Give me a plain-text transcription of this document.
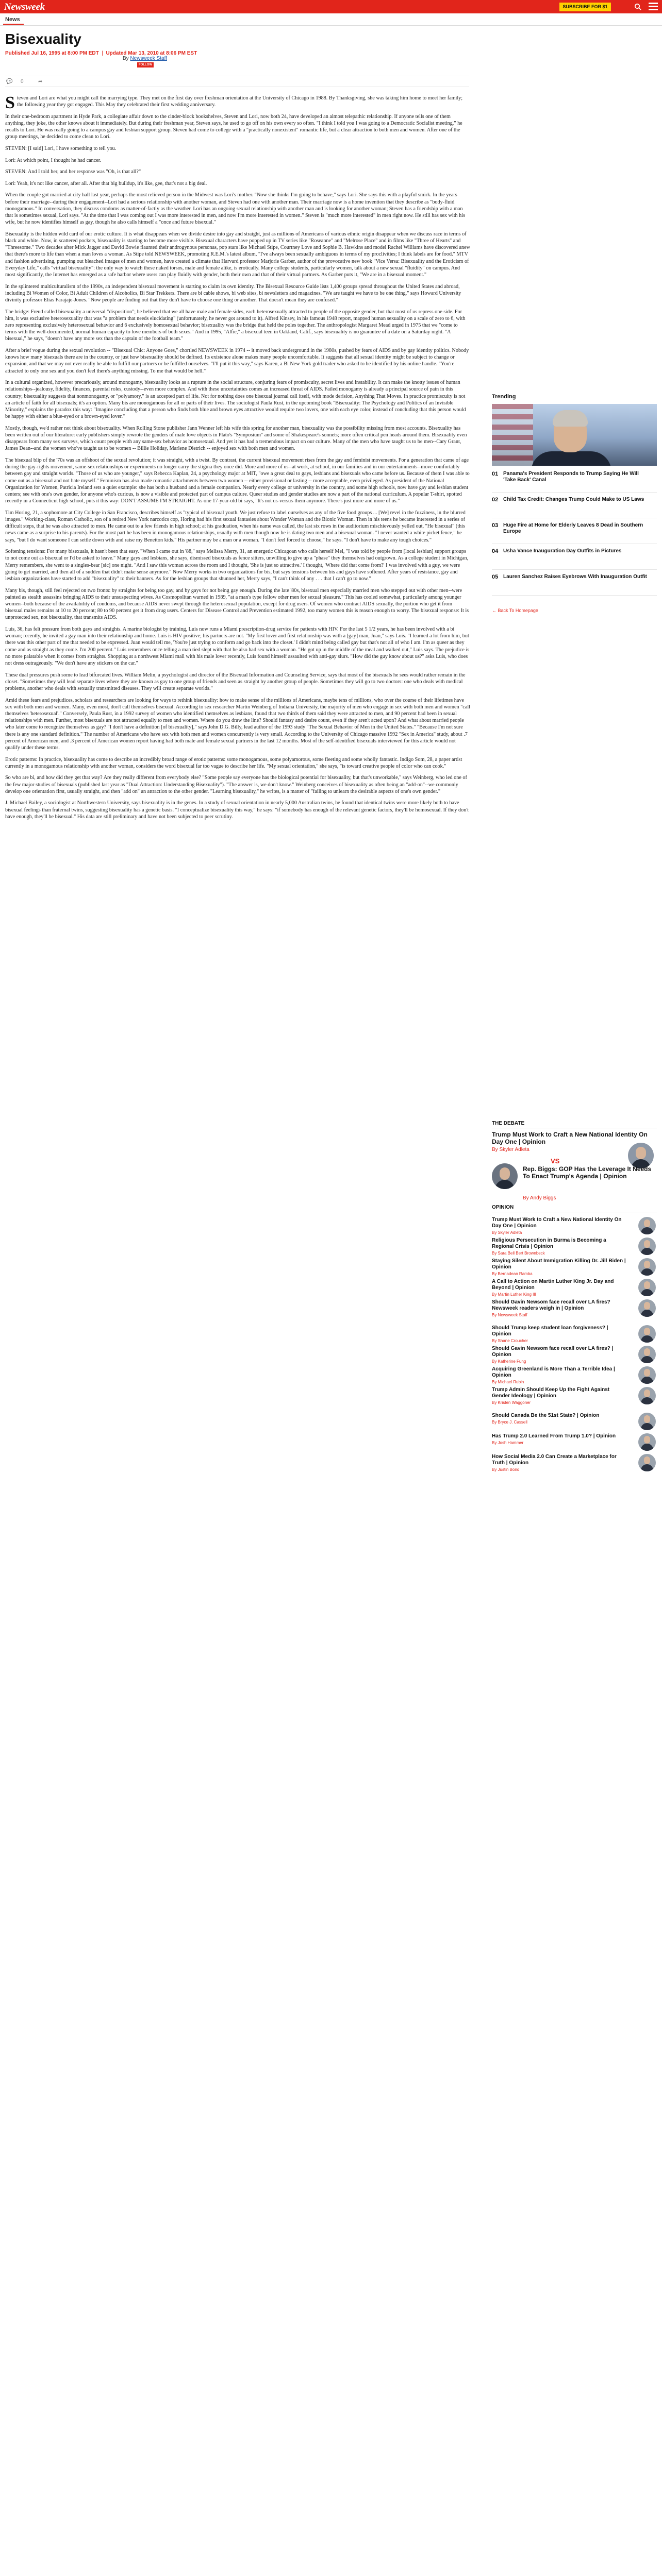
Newsweek	SUBSCRIBE FOR $1
News
Bisexuality
Published Jul 16, 1995 at 8:00 PM EDT  |  Updated Mar 13, 2010 at 8:06 PM EST
By Newsweek Staff
FOLLOW
💬 0	➦

Steven and Lori are what you might call the marrying type. They met on the first day over freshman orientation at the University of Chicago in 1988. By Thanksgiving, she was taking him home to meet her family; the following year they got engaged. This May they celebrated their first wedding anniversary.

In their one-bedroom apartment in Hyde Park, a collegiate affair down to the cinder-block bookshelves, Steven and Lori, now both 24, have developed an almost telepathic relationship. If anyone tells one of them anything, they joke, the other knows about it immediately. But during their freshman year, Steven says, he used to go off on his own every so often. "I think I told you I was going to a Democratic Socialist meeting," he recalls to Lori. He was really going to a campus gay and lesbian support group. Steven had come to college with a "practically nonexistent" romantic life, but a clear attraction to both men and women. After one of the group meetings, he decided to come clean to Lori.

STEVEN: [I said] Lori, I have something to tell you.

Lori: At which point, I thought he had cancer.

STEVEN: And I told her, and her response was "Oh, is that all?"

Lori: Yeah, it's not like cancer, after all. After that big buildup, it's like, gee, that's not a big deal.

When the couple got married at city hall last year, perhaps the most relieved person in the Midwest was Lori's mother. "Now she thinks I'm going to behave," says Lori. She says this with a playful smirk. In the years before their marriage--during their engagement--Lori had a serious relationship with another woman, and Steven had one with another man. Their marriage now is a home invention that they describe as "body-fluid monogamous." In conversation, they discuss condoms as matter-of-factly as the weather. Lori has an ongoing sexual relationship with another man and is looking for another woman; Steven has a friendship with a man that is sometimes sexual, Lori says. "At the time that I was coming out I was more interested in men, and now I'm more interested in women." Steven is "much more interested" in men right now. He still has sex with his wife, but he now identifies himself as gay, though he also calls himself a "once and future bisexual."

Bisexuality is the hidden wild card of our erotic culture. It is what disappears when we divide desire into gay and straight, just as millions of Americans of various ethnic origin disappear when we discuss race in terms of black and white. Now, in scattered pockets, bisexuality is starting to become more visible. Bisexual characters have popped up in TV series like "Roseanne" and "Melrose Place" and in films like "Three of Hearts" and "Threesome." Two decades after Mick Jagger and David Bowie flaunted their androgynous personas, pop stars like Michael Stipe, Courtney Love and Sophie B. Hawkins and model Rachel Williams have discovered anew that there's more to life than when a man loves a woman. As Stipe told NEWSWEEK, promoting R.E.M.'s latest album, "I've always been sexually ambiguous in terms of my proclivities; I think labels are for food." MTV and fashion advertising, pumping out bleached images of men and women, have created a climate that Harvard professor Marjorie Garber, author of the provocative new book "Vice Versa: Bisexuality and the Eroticism of Everyday Life," calls "virtual bisexuality": the only way to watch these naked torsos, male and female alike, is erotically. Many college students, particularly women, talk about a new sexual "fluidity" on campus. And most significantly, the Internet has emerged as a safe harbor where users can play fluidly with gender, both their own and that of their virtual partners. As Garber puts it, "We are in a bisexual moment."

In the splintered multiculturalism of the 1990s, an independent bisexual movement is starting to claim its own identity. The Bisexual Resource Guide lists 1,400 groups spread throughout the United States and abroad, including Bi Women of Color, Bi Adult Children of Alcoholics, Bi Star Trekkers. There are bi cable shows, bi web sites, bi newsletters and magazines. "We are taught we have to be one thing," says Howard University divinity professor Elias Farajaje-Jones. "Now people are finding out that they don't have to choose one thing or another. That doesn't mean they are confused."

The bridge: Freud called bisexuality a universal "disposition"; he believed that we all have male and female sides, each heterosexually attracted to people of the opposite gender, but that most of us repress one side. For him, it was exclusive heterosexuality that was "a problem that needs elucidating" (unfortunately, he never got around to it). Alfred Kinsey, in his famous 1948 report, mapped human sexuality on a scale of zero to 6, with zero representing exclusively heterosexual behavior and 6 exclusively homosexual behavior; bisexuality was the bridge that held the poles together. The anthropologist Margaret Mead urged in 1975 that we "come to terms with the well-documented, normal human capacity to love members of both sexes." And in 1995, "Alfie," a bisexual teen in Oakland, Calif., says bisexuality is no guarantee of a date on a Saturday night. "A bisexual," he says, "doesn't have any more sex than the captain of the football team."

After a brief vogue during the sexual revolution -- "Bisexual Chic: Anyone Goes," chortled NEWSWEEK in 1974 -- it moved back underground in the 1980s, pushed by fears of AIDS and by gay identity politics. Nobody knows how many bisexuals there are in the country, or just how bisexuality should be defined. Its existence alone makes many people uncomfortable. It suggests that all sexual identity might be subject to change or expansion, and that we may not ever really be able to fulfill our partners or be fulfilled ourselves. "I'll put it this way," says Karen, a Bi New York gold trader who asked to be identified by his online handle. "You're attracted to only one sex and you don't feel there's anything missing. To me that would be hell."

In a cultural organized, however precariously, around monogamy, bisexuality looks as a rupture in the social structure, conjuring fears of promiscuity, secret lives and instability. It can make the knotty issues of human relationships--jealousy, fidelity, finances, parental roles, custody--even more complex. And with these uncertainties comes an increased threat of AIDS. Failed monogamy is already a principal source of pain in this country; bisexuality suggests that nonmonogamy, or "polyamory," is an accepted part of life. Not for nothing does one bisexual journal call itself, with mode derision, Anything That Moves. In practice promiscuity is not an article of faith for all bisexuals; it's an option. Many bis are monogamous for all or parts of their lives. The sociologist Paula Rust, in the upcoming book "Bisexuality: The Psychology and Politics of an Invisible Minority," explains the paradox this way: "Imagine concluding that a person who finds both blue and brown eyes attractive would require two lovers, one with each eye color, instead of concluding that this person would be happy with either a blue-eyed or a brown-eyed lover."

Mostly, though, we'd rather not think about bisexuality. When Rolling Stone publisher Jann Wenner left his wife this spring for another man, bisexuality was the possibility missing from most accounts. Bisexuality has been written out of our literature: early publishers simply rewrote the genders of male love objects in Plato's "Symposium" and some of Shakespeare's sonnets; more often critical pen heads around them. Bisexuality even disappears from many sex surveys, which count people with any same-sex behavior as homosexual. And yet it has had a tremendous impact on our culture. Many of the men who have taught us to be men--Cary Grant, James Dean--and the women who've taught us to be women -- Billie Holiday, Marlene Dietrich -- enjoyed sex with both men and women.

The bisexual blip of the '70s was an offshoot of the sexual revolution; it was straight, with a twist. By contrast, the current bisexual movement rises from the gay and feminist movements. For a generation that came of age during the gay-rights movement, same-sex relationships or experiments no longer carry the stigma they once did. More and more of us--at work, at school, in our families and in our entertainments--move comfortably between gay and straight worlds. "Those of us who are younger," says Rebecca Kaplan, 24, a psychology major at MIT, "owe a great deal to gays, lesbians and bisexuals who came before us. Because of them I was able to come out as a bisexual and not hate myself." Feminism has also made romantic attachments between two women -- either provisional or lasting -- more acceptable, even privileged. As president of the National Organization for Women, Patricia Ireland sets a quiet example: she has both a husband and a female companion. Nearly every college or university in the country, and some high schools, now have gay and lesbian student centers; see with one's own gender, for anyone who's curious, is now a visible and protected part of campus culture. Queer studies and gender studies are now a part of the national curriculum. A popular T-shirt, spotted recently in a Connecticut high school, puts it this way: DON'T ASSUME I'M STRAIGHT. As one 17-year-old bi says, "It's not us-versus-them anymore. There's just more and more of us."

Tim Horing, 21, a sophomore at City College in San Francisco, describes himself as "typical of bisexual youth. We just refuse to label ourselves as any of the five food groups ... [We] revel in the fuzziness, in the blurred images." Working-class, Roman Catholic, son of a retired New York narcotics cop, Horing had his first sexual fantasies about Wonder Woman and the Bionic Woman. Then in his teens he became interested in a series of difficult steps, that he was also attracted to men. He came out to a few friends in high school; at his graduation, when his name was called, the last six rows in the auditorium mischievously yelled out, "He bisexual" (this news came as a surprise to his parents). For the most part he has been in monogamous relationships, usually with men though now he is dating two men and a bisexual woman. "I never wanted a white picket fence," he says, "but I do want someone I can settle down with and raise my Benetton kids." His partner may be a man or a woman. "I don't feel forced to choose," he says. "I don't have to make any tough choices."

Softening tensions: For many bisexuals, it hasn't been that easy. "When I came out in '88," says Melissa Merry, 31, an energetic Chicagoan who calls herself Mel, "I was told by people from [local lesbian] support groups to not come out as bisexual or I'd be asked to leave." Many gays and lesbians, she says, dismissed bisexuals as fence sitters, unwilling to give up a "phase" they themselves had outgrown. As a college student in Michigan, Merry remembers, she went to a singles-bear [sic] one night. "And I saw this woman across the room and I thought, 'She is just so attractive.' I thought, 'Where did that come from?' I was involved with a guy, we were going to get married, and then all of a sudden that didn't make sense anymore." Now Merry works in two organizations for bis, but says tensions between bis and gays have softened. After years of resistance, gay and lesbian organizations have started to add "bisexuality" to their banners. As for the lesbian groups that shunned her, Merry says, "I can't think of any . . . that I can't go to now."

Many bis, though, still feel rejected on two fronts: by straights for being too gay, and by gays for not being gay enough. During the late '80s, bisexual men especially married men who stepped out with other men--were painted as stealth assassins bringing AIDS to their unsuspecting wives. As Cosmopolitan warned in 1989, "at a man's type follow other men for sexual pleasure." This has cooled somewhat, particularly among younger women--both because of the availability of condoms, and because AIDS never swept through the heterosexual population, except for drug users. Of women who contract AIDS sexually, the portion who get it from bisexual males remains at 10 to 20 percent; 80 to 90 percent get it from drug users. Centers for Disease Control and Prevention estimated 1992, too many women this is reason enough to worry. The bisexual response: It is unprotected sex, not bisexuality, that transmits AIDS.

Luis, 36, has felt pressure from both gays and straights. A marine biologist by training, Luis now runs a Miami prescription-drug service for patients with HIV. For the last 5 1/2 years, he has been involved with a bi woman; recently, he invited a gay man into their relationship and home. Luis is HIV-positive; his partners are not. "My first lover and first relationship was with a [gay] man, Juan," says Luis. "I learned a lot from him, but there was this other part of me that needed to be expressed. Juan would tell me, 'You're just trying to conform and go back into the closet.' I didn't mind being called gay but that's not all of who I am. I'm as queer as they come and as straight as they come. I'm 200 percent." Luis remembers once telling a man tied slept with that he also had sex with a woman. "He got up in the middle of the meal and walked out," Luis says. The prejudice is no more palatable when it comes from straights. Shopping at a northwest Miami mall with his male lover recently, Luis found himself assaulted with anti-gay slurs. "How did the guy know about us?" asks Luis, who does not dress outrageously. "We don't have any stickers on the car."

These dual pressures push some to lead bifurcated lives. William Melin, a psychologist and director of the Bisexual Information and Counseling Service, says that most of the bisexuals he sees would rather remain in the closet. "Sometimes they will lead separate lives where they are known as gay to one group of friends and seen as straight by another group of people. Sometimes they will go to two doctors: one who deals with medical problems, another who deals with sexually transmitted diseases. They will create separate worlds."

Amid these fears and prejudices, scholars and researchers are looking for ways to rethink bisexuality: how to make sense of the millions of Americans, maybe tens of millions, who over the course of their lifetimes have sex with both men and women. Many, even most, don't call themselves bisexual. According to sex researcher Martin Weinberg of Indiana University, the majority of men who engage in sex with both men and women "call themselves 'heterosexual'." Conversely, Paula Rust, in a 1992 survey of women who identified themselves as lesbians, found that two thirds of them said they were attracted to men, and 90 percent had been in sexual relationships with men. Further, most bisexuals are not attracted equally to men and women. Where do you draw the line? Should fantasy and desire count, even if they aren't acted upon? And what about married people who later come to recognize themselves as gay? "I don't have a definition [of bisexuality]," says John D.G. Billy, lead author of the 1993 study "The Sexual Behavior of Men in the United States." "Because I'm not sure there is any one standard definition." The number of Americans who have sex with both men and women concurrently is very small. According to the University of Chicago massive 1992 "Sex in America" study, about .7 percent of American men, and .3 percent of American women report having had both male and female sexual partners in the last 12 months. Most of the self-identified bisexuals interviewed for this article would not qualify under these terms.

Erotic patterns: In practice, bisexuality has come to describe an incredibly broad range of erotic patterns: some monogamous, some polyamorous, some fleeting and some wholly fantastic. Indigo Som, 28, a paper artist currently in a monogamous relationship with another woman, considers the word bisexual far too vague to describe her life. "My sexual orientation," she says, "is toward creative people of color who can cook."

So who are bi, and how did they get that way? Are they really different from everybody else? "Some people say everyone has the biological potential for bisexuality, but that's unworkable," says Weinberg, who led one of the few major studies of bisexuals (published last year as "Dual Attraction: Understanding Bisexuality"). "The answer is, we don't know." Weinberg conceives of bisexuality as often being an "add-on"--we commonly develop one orientation first, usually straight, and then "add on" an attraction to the other gender. "Learning bisexuality," he writes, is a matter of "failing to unlearn the desirable aspects of one's own gender."

J. Michael Bailey, a sociologist at Northwestern University, says bisexuality is in the genes. In a study of sexual orientation in nearly 5,000 Australian twins, he found that identical twins were more likely both to have bisexual feelings than fraternal twins, suggesting bisexuality has a genetic basis. "I conceptualize bisexuality this way," he says: "if somebody has enough of the relevant genetic factors, they'll be homosexual. If they don't have enough, they'll be bisexual." His data are still preliminary and have not been subjected to peer scrutiny.

Trending
01 Panama's President Responds to Trump Saying He Will 'Take Back' Canal
02 Child Tax Credit: Changes Trump Could Make to US Laws
03 Huge Fire at Home for Elderly Leaves 8 Dead in Southern Europe
04 Usha Vance Inauguration Day Outfits in Pictures
05 Lauren Sanchez Raises Eyebrows With Inauguration Outfit
← Back To Homepage
THE DEBATE
Trump Must Work to Craft a New National Identity On Day One | Opinion
By Skyler Adleta
VS
Rep. Biggs: GOP Has the Leverage It Needs To Enact Trump's Agenda | Opinion
By Andy Biggs
OPINION
Trump Must Work to Craft a New National Identity On Day One | Opinion
By Skyler Adleta
Religious Persecution in Burma is Becoming a Regional Crisis | Opinion
By Sara Bell Bert Brownbeck
Staying Silent About Immigration Killing Dr. Jill Biden | Opinion
By Bernadean Ramba
A Call to Action on Martin Luther King Jr. Day and Beyond | Opinion
By Martin Luther King III
Should Gavin Newsom face recall over LA fires? Newsweek readers weigh in | Opinion
By Newsweek Staff
Should Trump keep student loan forgiveness? | Opinion
By Shane Croucher
Should Gavin Newsom face recall over LA fires? | Opinion
By Katherine Fung
Acquiring Greenland is More Than a Terrible Idea | Opinion
By Michael Rubin
Trump Admin Should Keep Up the Fight Against Gender Ideology | Opinion
By Kristen Waggoner
Should Canada Be the 51st State? | Opinion
By Bryce J. Cassell
Has Trump 2.0 Learned From Trump 1.0? | Opinion
By Josh Hammer
How Social Media 2.0 Can Create a Marketplace for Truth | Opinion
By Justin Bond
